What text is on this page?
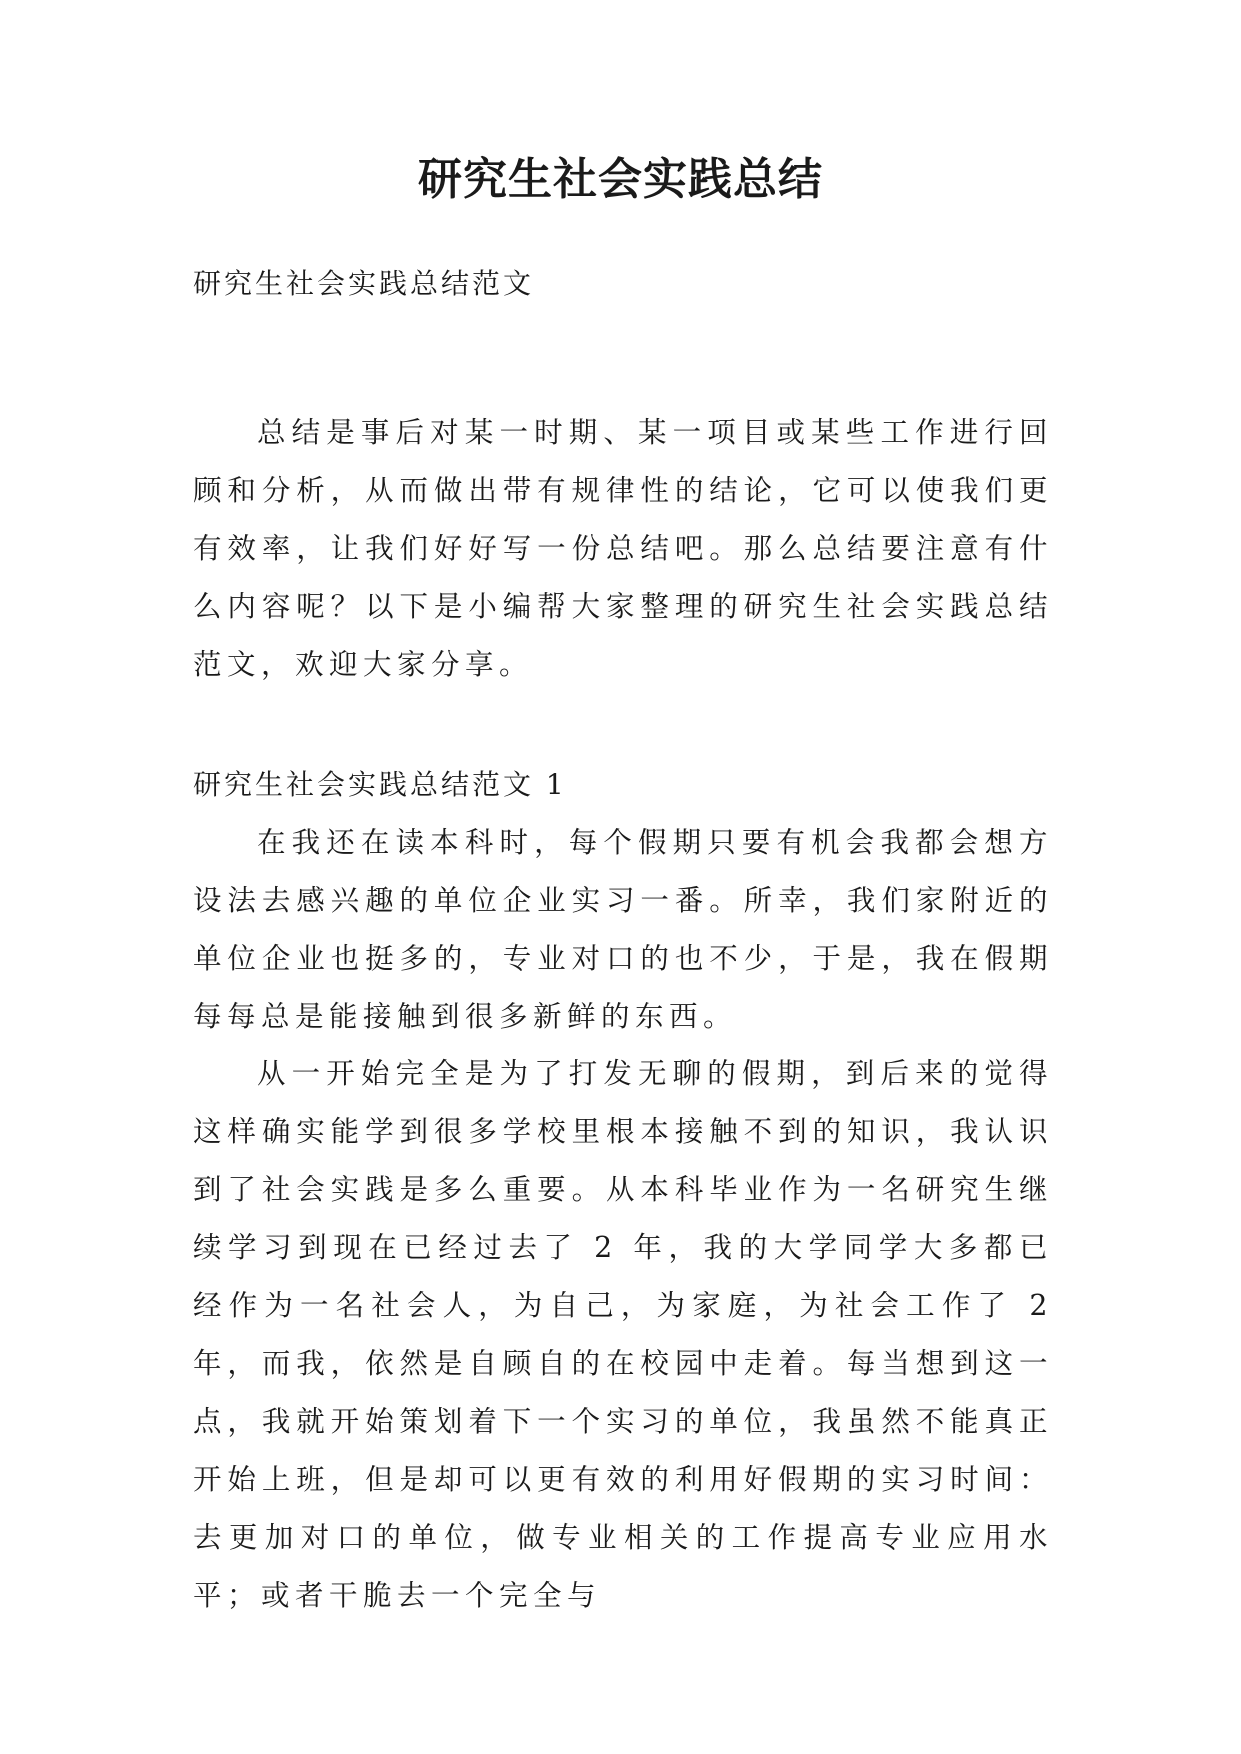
研究生社会实践总结

研究生社会实践总结范文

总结是事后对某一时期、某一项目或某些工作进行回顾和分析，从而做出带有规律性的结论，它可以使我们更有效率，让我们好好写一份总结吧。那么总结要注意有什么内容呢？以下是小编帮大家整理的研究生社会实践总结范文，欢迎大家分享。

研究生社会实践总结范文 1

在我还在读本科时，每个假期只要有机会我都会想方设法去感兴趣的单位企业实习一番。所幸，我们家附近的单位企业也挺多的，专业对口的也不少，于是，我在假期每每总是能接触到很多新鲜的东西。

从一开始完全是为了打发无聊的假期，到后来的觉得这样确实能学到很多学校里根本接触不到的知识，我认识到了社会实践是多么重要。从本科毕业作为一名研究生继续学习到现在已经过去了 2 年，我的大学同学大多都已经作为一名社会人，为自己，为家庭，为社会工作了 2 年，而我，依然是自顾自的在校园中走着。每当想到这一点，我就开始策划着下一个实习的单位，我虽然不能真正开始上班，但是却可以更有效的利用好假期的实习时间：去更加对口的单位，做专业相关的工作提高专业应用水平；或者干脆去一个完全与
